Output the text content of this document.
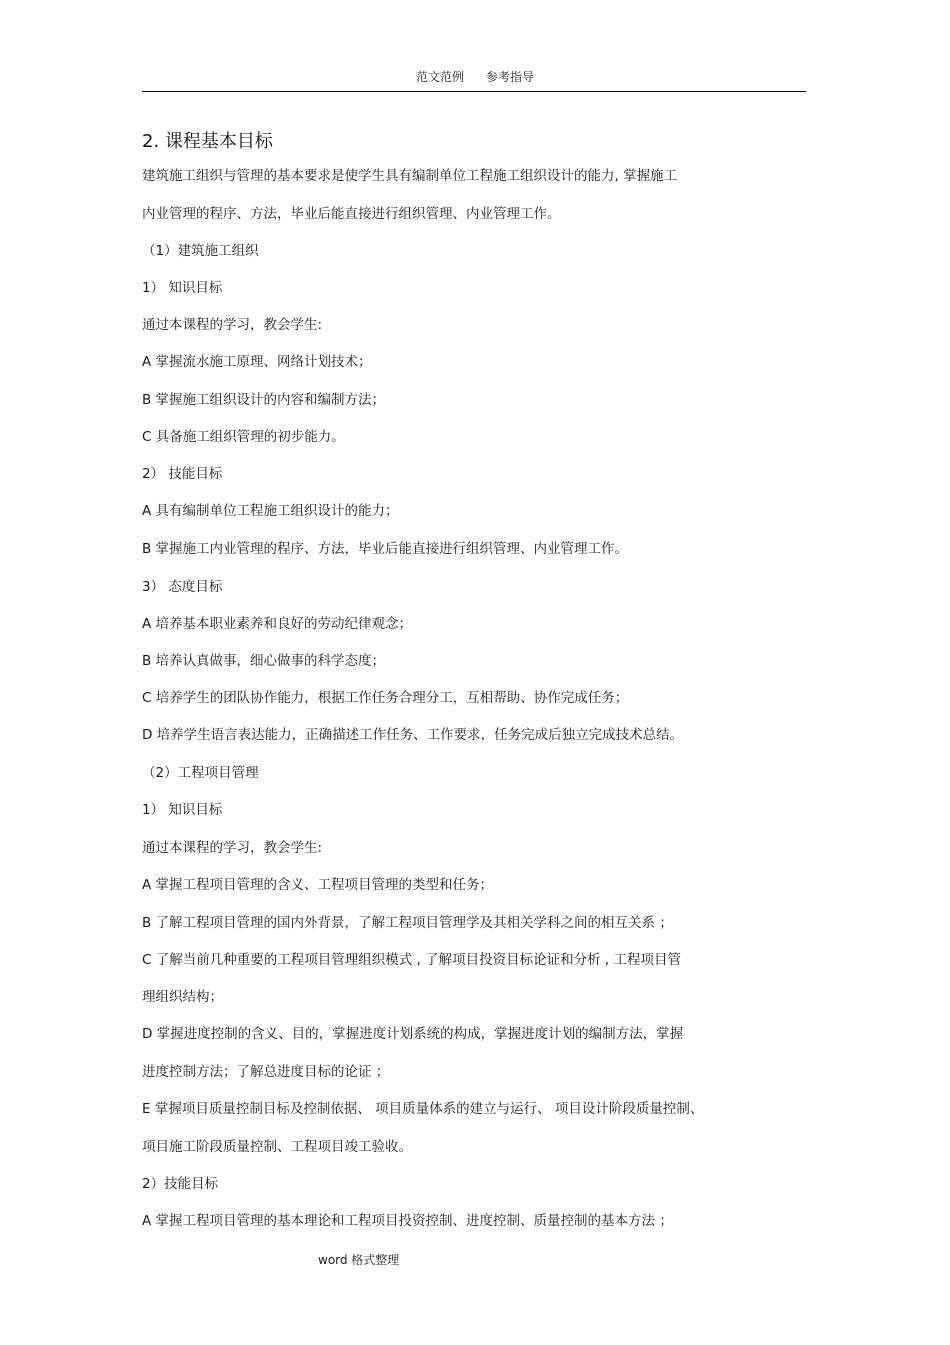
范文范例 参考指导
2. 课程基本目标
建筑施工组织与管理的基本要求是使学生具有编制单位工程施工组织设计的能力, 掌握施工
内业管理的程序、方法，毕业后能直接进行组织管理、内业管理工作。
（1）建筑施工组织
1） 知识目标
通过本课程的学习，教会学生:
A 掌握流水施工原理、网络计划技术；
B 掌握施工组织设计的内容和编制方法；
C 具备施工组织管理的初步能力。
2） 技能目标
A 具有编制单位工程施工组织设计的能力；
B 掌握施工内业管理的程序、方法，毕业后能直接进行组织管理、内业管理工作。
3） 态度目标
A 培养基本职业素养和良好的劳动纪律观念；
B 培养认真做事，细心做事的科学态度；
C 培养学生的团队协作能力，根据工作任务合理分工，互相帮助、协作完成任务；
D 培养学生语言表达能力，正确描述工作任务、工作要求，任务完成后独立完成技术总结。
（2）工程项目管理
1） 知识目标
通过本课程的学习，教会学生:
A 掌握工程项目管理的含义、工程项目管理的类型和任务；
B 了解工程项目管理的国内外背景，了解工程项目管理学及其相关学科之间的相互关系 ；
C 了解当前几种重要的工程项目管理组织模式 , 了解项目投资目标论证和分析 , 工程项目管
理组织结构；
D 掌握进度控制的含义、目的，掌握进度计划系统的构成，掌握进度计划的编制方法，掌握
进度控制方法；了解总进度目标的论证 ；
E 掌握项目质量控制目标及控制依据、 项目质量体系的建立与运行、 项目设计阶段质量控制、
项目施工阶段质量控制、工程项目竣工验收。
2）技能目标
A 掌握工程项目管理的基本理论和工程项目投资控制、进度控制、质量控制的基本方法 ；
word 格式整理
